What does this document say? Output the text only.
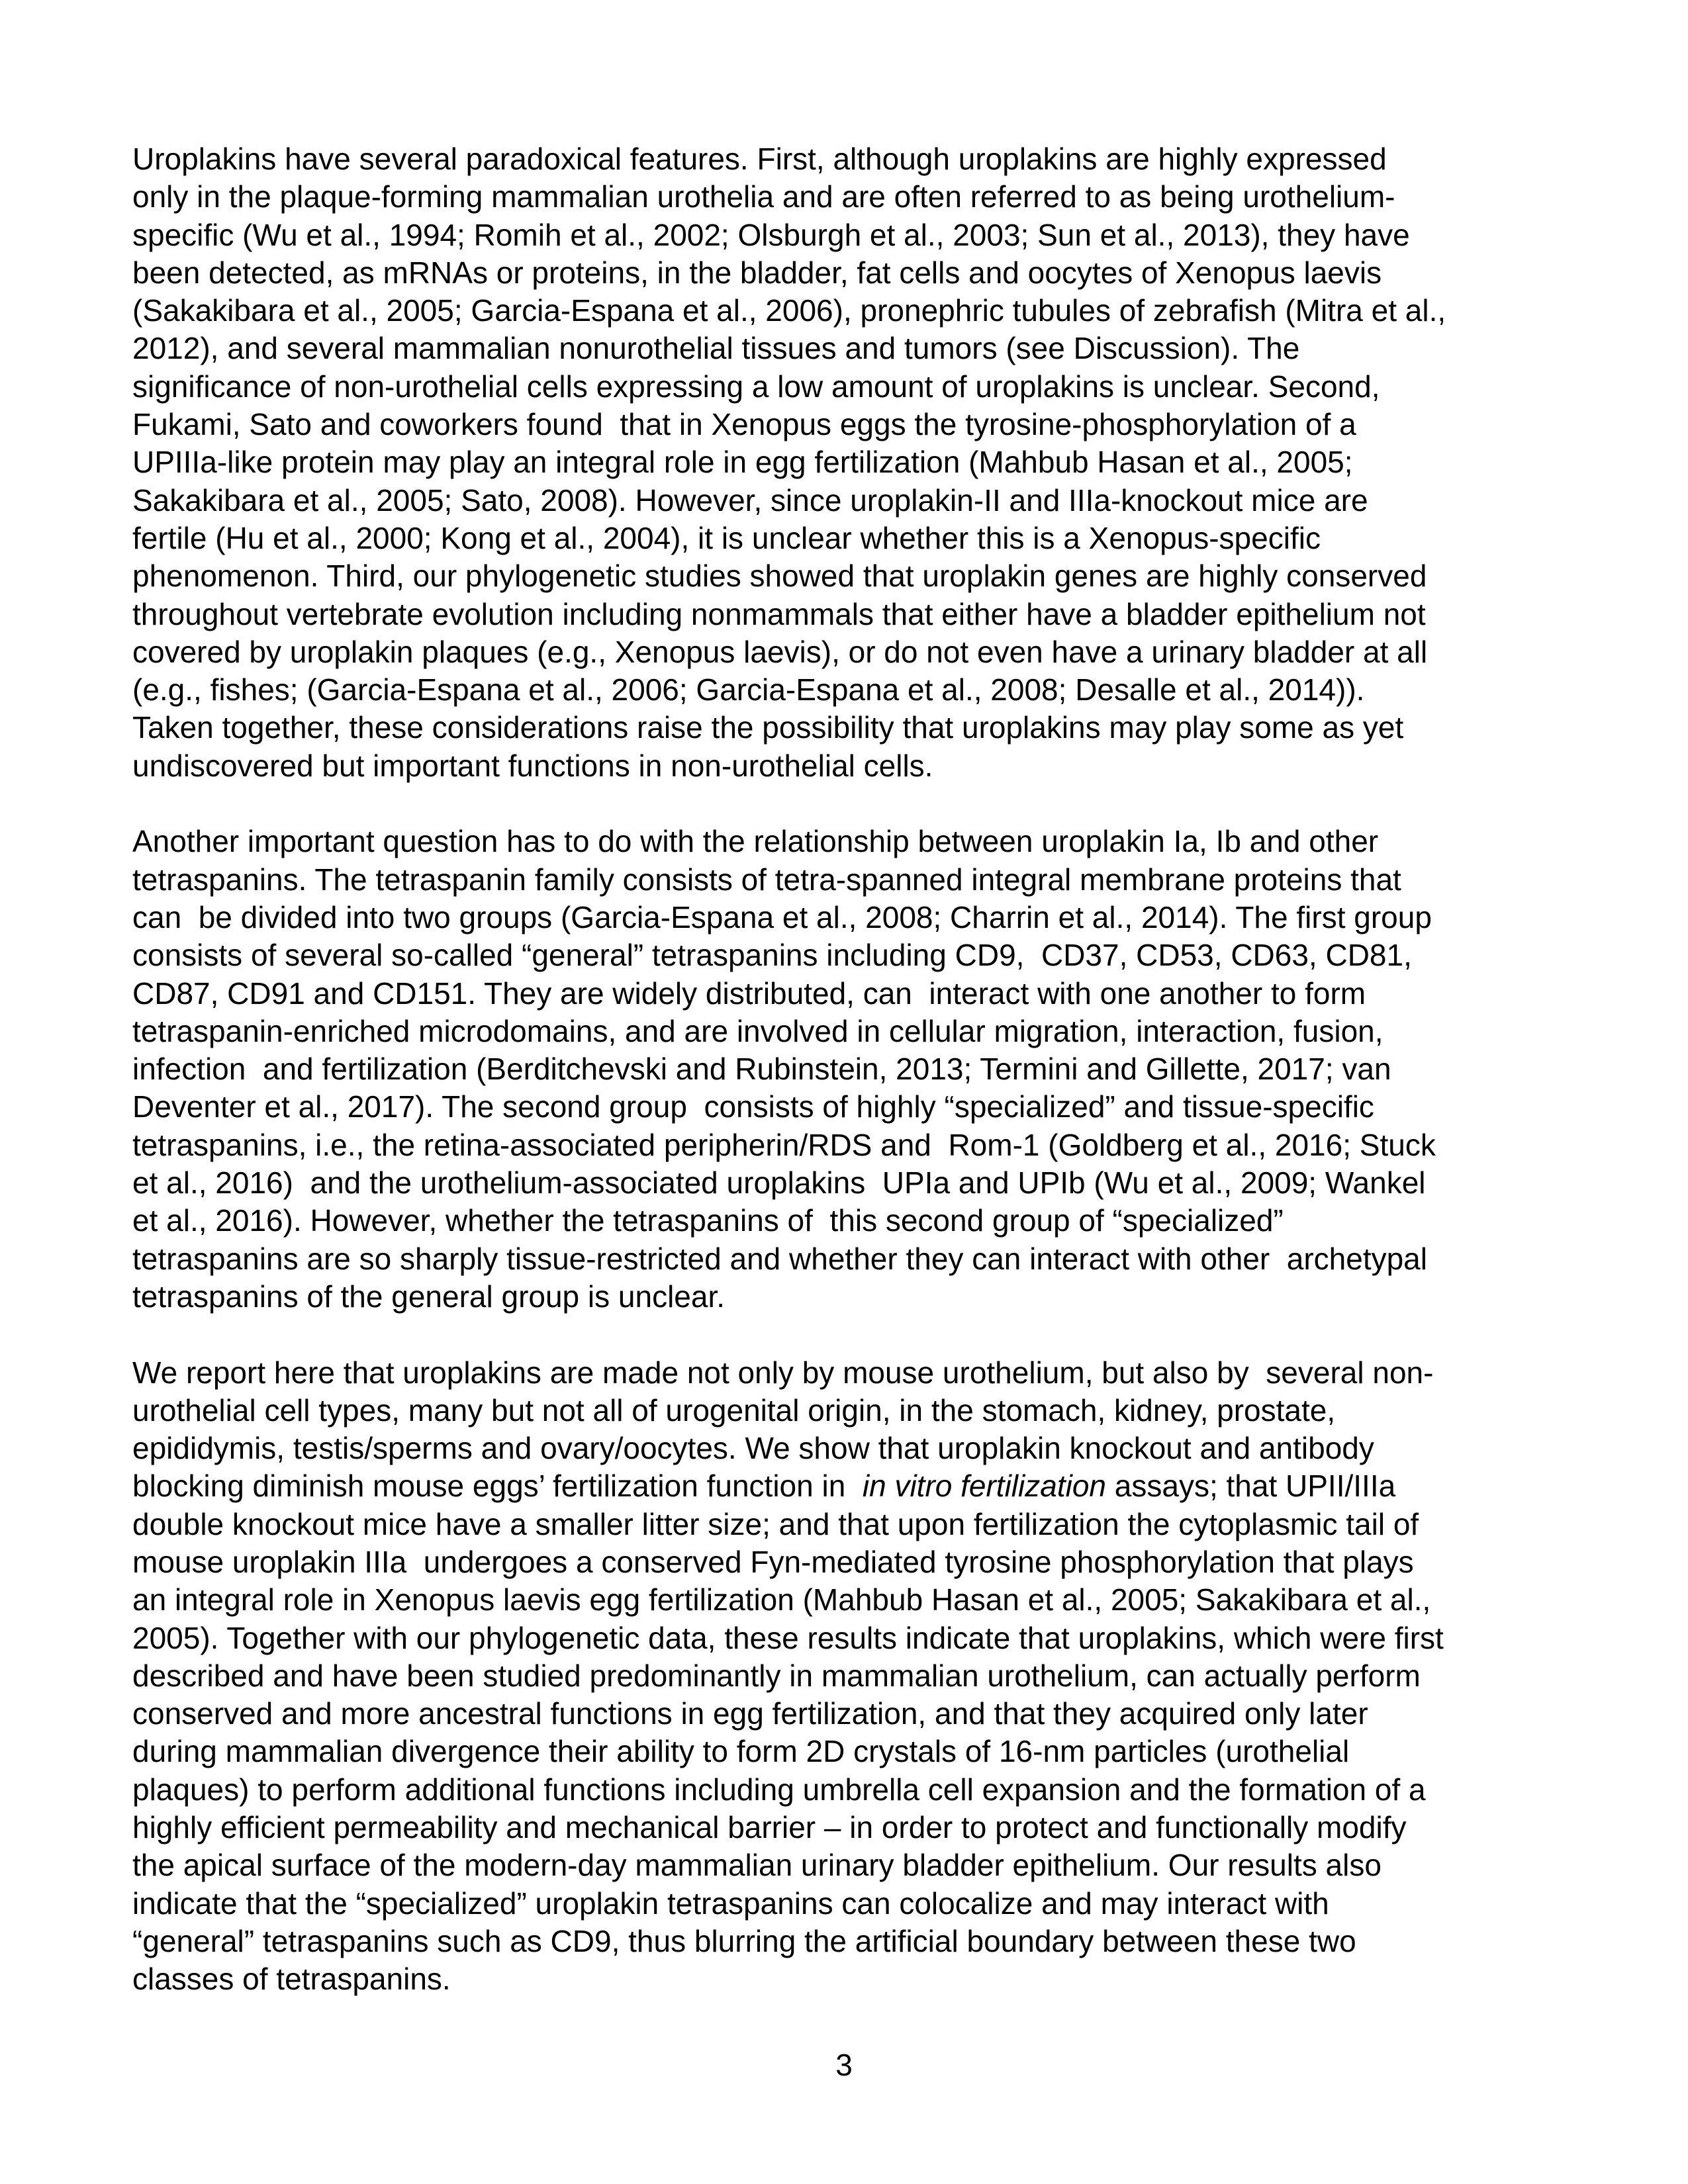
Uroplakins have several paradoxical features. First, although uroplakins are highly expressed
only in the plaque-forming mammalian urothelia and are often referred to as being urothelium-
specific (Wu et al., 1994; Romih et al., 2002; Olsburgh et al., 2003; Sun et al., 2013), they have
been detected, as mRNAs or proteins, in the bladder, fat cells and oocytes of Xenopus laevis
(Sakakibara et al., 2005; Garcia-Espana et al., 2006), pronephric tubules of zebrafish (Mitra et al.,
2012), and several mammalian nonurothelial tissues and tumors (see Discussion). The
significance of non-urothelial cells expressing a low amount of uroplakins is unclear. Second,
Fukami, Sato and coworkers found  that in Xenopus eggs the tyrosine-phosphorylation of a
UPIIIa-like protein may play an integral role in egg fertilization (Mahbub Hasan et al., 2005;
Sakakibara et al., 2005; Sato, 2008). However, since uroplakin-II and IIIa-knockout mice are
fertile (Hu et al., 2000; Kong et al., 2004), it is unclear whether this is a Xenopus-specific
phenomenon. Third, our phylogenetic studies showed that uroplakin genes are highly conserved
throughout vertebrate evolution including nonmammals that either have a bladder epithelium not
covered by uroplakin plaques (e.g., Xenopus laevis), or do not even have a urinary bladder at all
(e.g., fishes; (Garcia-Espana et al., 2006; Garcia-Espana et al., 2008; Desalle et al., 2014)).
Taken together, these considerations raise the possibility that uroplakins may play some as yet
undiscovered but important functions in non-urothelial cells.
Another important question has to do with the relationship between uroplakin Ia, Ib and other
tetraspanins. The tetraspanin family consists of tetra-spanned integral membrane proteins that
can  be divided into two groups (Garcia-Espana et al., 2008; Charrin et al., 2014). The first group
consists of several so-called “general” tetraspanins including CD9,  CD37, CD53, CD63, CD81,
CD87, CD91 and CD151. They are widely distributed, can  interact with one another to form
tetraspanin-enriched microdomains, and are involved in cellular migration, interaction, fusion,
infection  and fertilization (Berditchevski and Rubinstein, 2013; Termini and Gillette, 2017; van
Deventer et al., 2017). The second group  consists of highly “specialized” and tissue-specific
tetraspanins, i.e., the retina-associated peripherin/RDS and  Rom-1 (Goldberg et al., 2016; Stuck
et al., 2016)  and the urothelium-associated uroplakins  UPIa and UPIb (Wu et al., 2009; Wankel
et al., 2016). However, whether the tetraspanins of  this second group of “specialized”
tetraspanins are so sharply tissue-restricted and whether they can interact with other  archetypal
tetraspanins of the general group is unclear.
We report here that uroplakins are made not only by mouse urothelium, but also by  several non-
urothelial cell types, many but not all of urogenital origin, in the stomach, kidney, prostate,
epididymis, testis/sperms and ovary/oocytes. We show that uroplakin knockout and antibody
blocking diminish mouse eggs’ fertilization function in  in vitro fertilization assays; that UPII/IIIa
double knockout mice have a smaller litter size; and that upon fertilization the cytoplasmic tail of
mouse uroplakin IIIa  undergoes a conserved Fyn-mediated tyrosine phosphorylation that plays
an integral role in Xenopus laevis egg fertilization (Mahbub Hasan et al., 2005; Sakakibara et al.,
2005). Together with our phylogenetic data, these results indicate that uroplakins, which were first
described and have been studied predominantly in mammalian urothelium, can actually perform
conserved and more ancestral functions in egg fertilization, and that they acquired only later
during mammalian divergence their ability to form 2D crystals of 16-nm particles (urothelial
plaques) to perform additional functions including umbrella cell expansion and the formation of a
highly efficient permeability and mechanical barrier – in order to protect and functionally modify
the apical surface of the modern-day mammalian urinary bladder epithelium. Our results also
indicate that the “specialized” uroplakin tetraspanins can colocalize and may interact with
“general” tetraspanins such as CD9, thus blurring the artificial boundary between these two
classes of tetraspanins.
3
